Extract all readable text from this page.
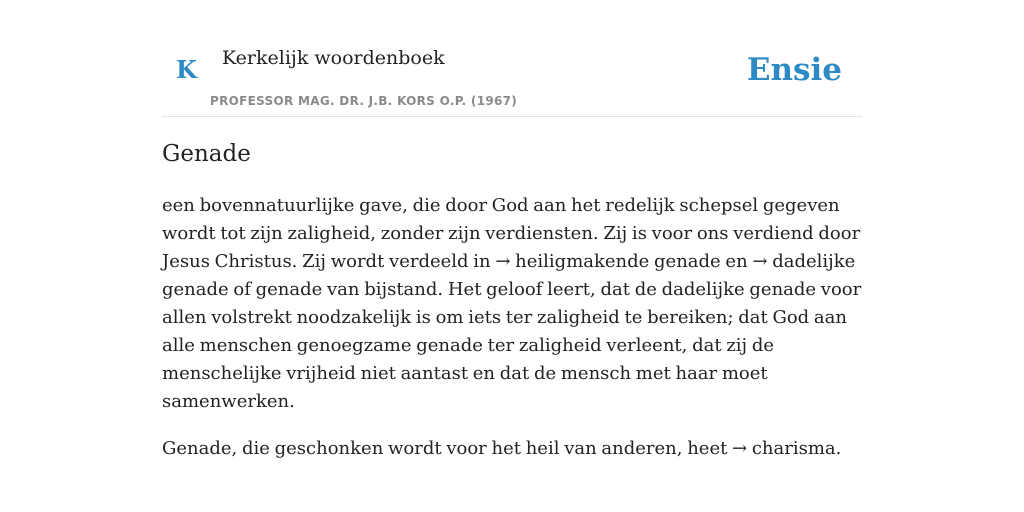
K Kerkelijk woordenboek
PROFESSOR MAG. DR. J.B. KORS O.P. (1967)
Ensie
Genade

een bovennatuurlijke gave, die door God aan het redelijk schepsel gegeven wordt tot zijn zaligheid, zonder zijn verdiensten. Zij is voor ons verdiend door Jesus Christus. Zij wordt verdeeld in → heiligmakende genade en → dadelijke genade of genade van bijstand. Het geloof leert, dat de dadelijke genade voor allen volstrekt noodzakelijk is om iets ter zaligheid te bereiken; dat God aan alle menschen genoegzame genade ter zaligheid verleent, dat zij de menschelijke vrijheid niet aantast en dat de mensch met haar moet samenwerken.

Genade, die geschonken wordt voor het heil van anderen, heet → charisma.
